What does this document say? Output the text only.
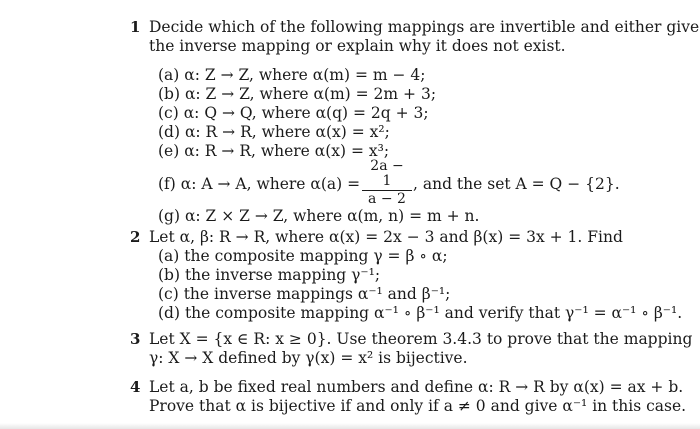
1 Decide which of the following mappings are invertible and either give
the inverse mapping or explain why it does not exist.
(a) α: Z → Z, where α(m) = m − 4;
(b) α: Z → Z, where α(m) = 2m + 3;
(c) α: Q → Q, where α(q) = 2q + 3;
(d) α: R → R, where α(x) = x²;
(e) α: R → R, where α(x) = x³;
(f) α: A → A, where α(a) =
2a − 1
a − 2
, and the set A = Q − {2}.
(g) α: Z × Z → Z, where α(m, n) = m + n.
2 Let α, β: R → R, where α(x) = 2x − 3 and β(x) = 3x + 1. Find
(a) the composite mapping γ = β ∘ α;
(b) the inverse mapping γ⁻¹;
(c) the inverse mappings α⁻¹ and β⁻¹;
(d) the composite mapping α⁻¹ ∘ β⁻¹ and verify that γ⁻¹ = α⁻¹ ∘ β⁻¹.
3 Let X = {x ∈ R: x ≥ 0}. Use theorem 3.4.3 to prove that the mapping
γ: X → X defined by γ(x) = x² is bijective.
4 Let a, b be fixed real numbers and define α: R → R by α(x) = ax + b.
Prove that α is bijective if and only if a ≠ 0 and give α⁻¹ in this case.
